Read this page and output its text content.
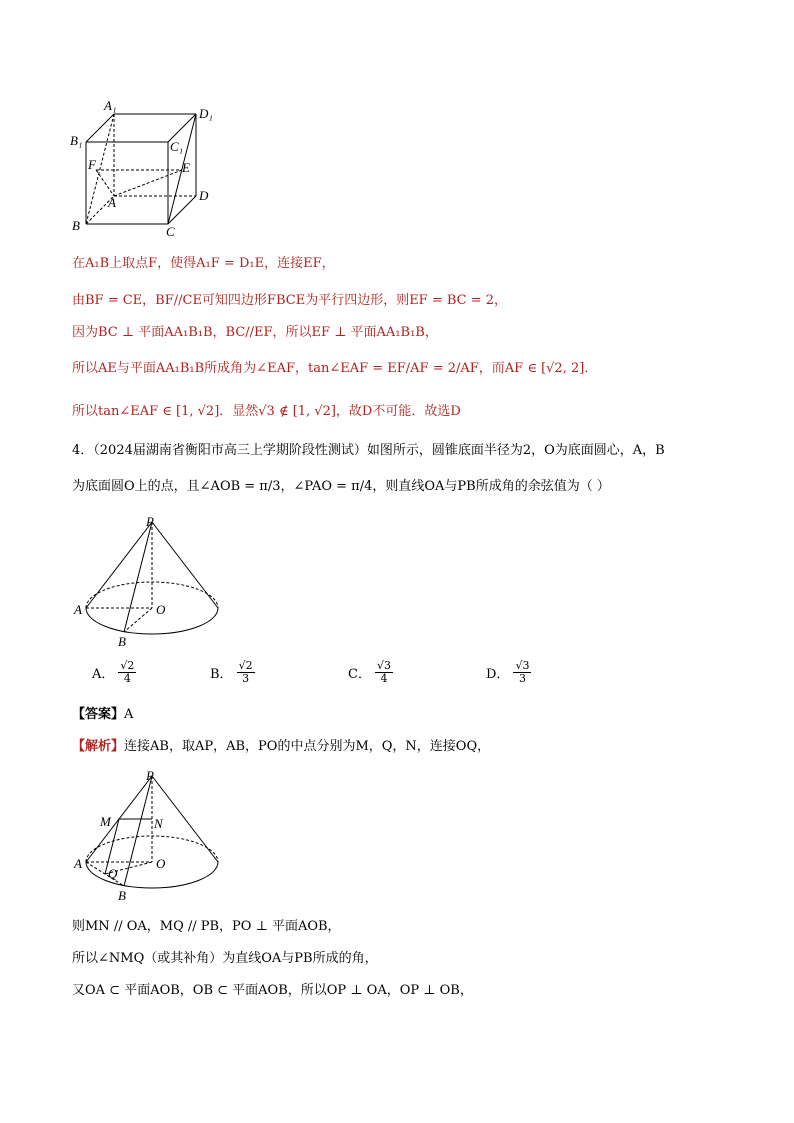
A₁
D₁
B₁	C₁
F	E
A	D
B	C
在A₁B上取点F，使得A₁F = D₁E，连接EF，
由BF = CE，BF//CE可知四边形FBCE为平行四边形，则EF = BC = 2，
因为BC ⊥ 平面AA₁B₁B，BC//EF，所以EF ⊥ 平面AA₁B₁B，
所以AE与平面AA₁B₁B所成角为∠EAF，tan∠EAF = EF/AF = 2/AF，而AF ∈ [√2, 2]．
所以tan∠EAF ∈ [1, √2]．显然√3 ∉ [1, √2]，故D不可能．故选D
4．（2024届湖南省衡阳市高三上学期阶段性测试）如图所示，圆锥底面半径为2，O为底面圆心，A，B
为底面圆O上的点，且∠AOB = π/3，∠PAO = π/4，则直线OA与PB所成角的余弦值为（ ）
P
A	O
B
A． $\frac{√2}{4}$	B． $\frac{√2}{3}$	C． $\frac{√3}{4}$	D． $\frac{√3}{3}$
【答案】A
【解析】连接AB，取AP，AB，PO的中点分别为M，Q，N，连接OQ，
P
M	N
A
Q
O
B
则MN // OA，MQ // PB，PO ⊥ 平面AOB，
所以∠NMQ（或其补角）为直线OA与PB所成的角，
又OA ⊂ 平面AOB，OB ⊂ 平面AOB，所以OP ⊥ OA，OP ⊥ OB，
